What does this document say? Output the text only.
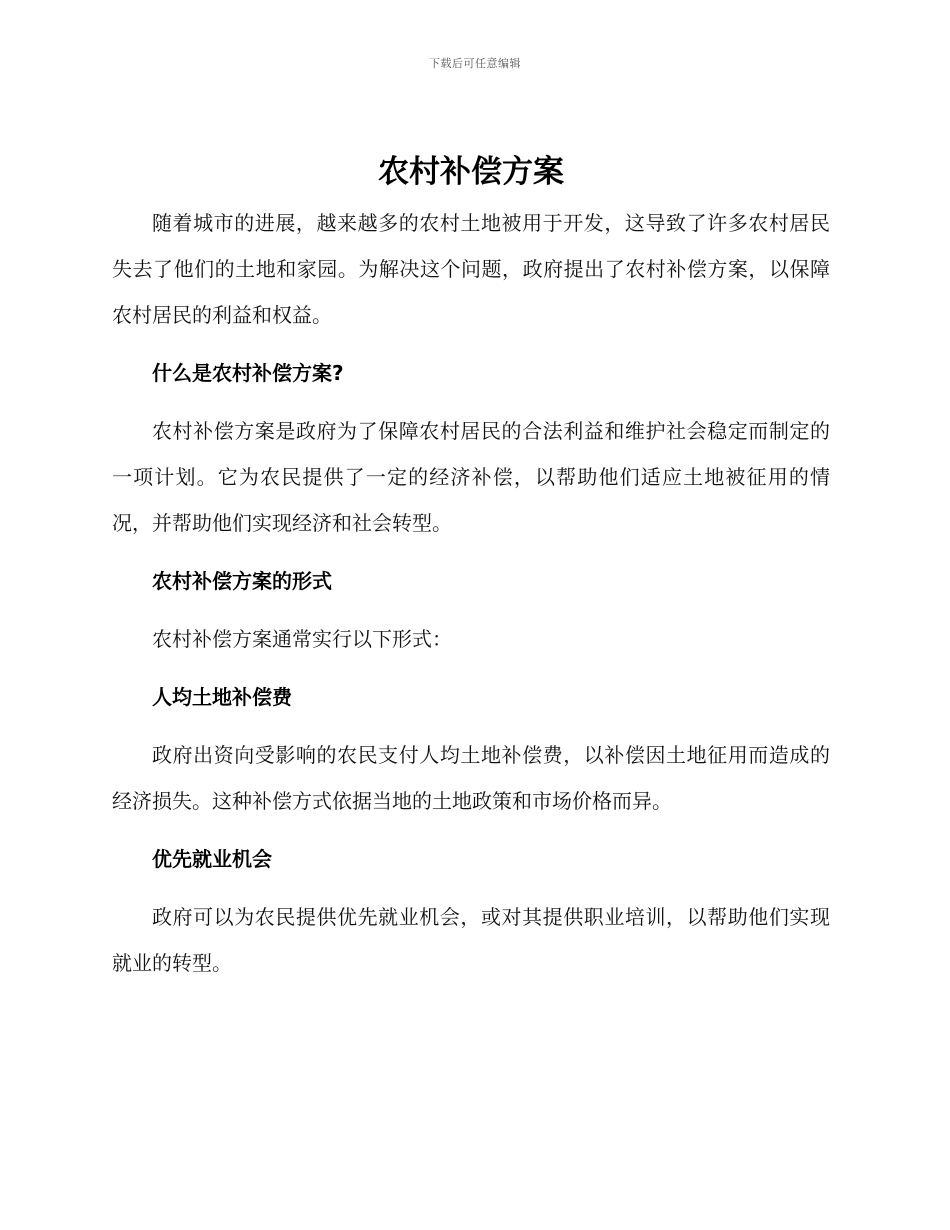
下载后可任意编辑
农村补偿方案

随着城市的进展，越来越多的农村土地被用于开发，这导致了许多农村居民失去了他们的土地和家园。为解决这个问题，政府提出了农村补偿方案，以保障农村居民的利益和权益。

什么是农村补偿方案?

农村补偿方案是政府为了保障农村居民的合法利益和维护社会稳定而制定的一项计划。它为农民提供了一定的经济补偿，以帮助他们适应土地被征用的情况，并帮助他们实现经济和社会转型。

农村补偿方案的形式

农村补偿方案通常实行以下形式：

人均土地补偿费

政府出资向受影响的农民支付人均土地补偿费，以补偿因土地征用而造成的经济损失。这种补偿方式依据当地的土地政策和市场价格而异。

优先就业机会

政府可以为农民提供优先就业机会，或对其提供职业培训，以帮助他们实现就业的转型。
